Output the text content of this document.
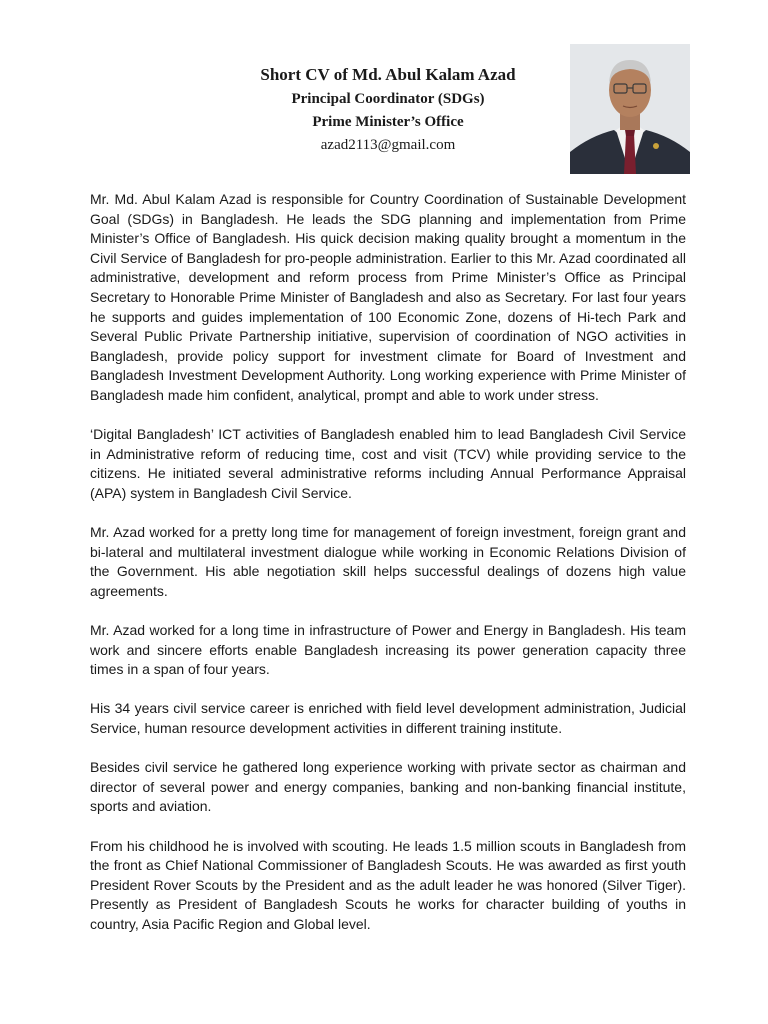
Short CV of Md. Abul Kalam Azad
Principal Coordinator (SDGs)
Prime Minister’s Office
azad2113@gmail.com

Mr. Md. Abul Kalam Azad is responsible for Country Coordination of Sustainable Development Goal (SDGs) in Bangladesh. He leads the SDG planning and implementation from Prime Minister’s Office of Bangladesh. His quick decision making quality brought a momentum in the Civil Service of Bangladesh for pro-people administration. Earlier to this Mr. Azad coordinated all administrative, development and reform process from Prime Minister’s Office as Principal Secretary to Honorable Prime Minister of Bangladesh and also as Secretary. For last four years he supports and guides implementation of 100 Economic Zone, dozens of Hi-tech Park and Several Public Private Partnership initiative, supervision of coordination of NGO activities in Bangladesh, provide policy support for investment climate for Board of Investment and Bangladesh Investment Development Authority. Long working experience with Prime Minister of Bangladesh made him confident, analytical, prompt and able to work under stress.

‘Digital Bangladesh’ ICT activities of Bangladesh enabled him to lead Bangladesh Civil Service in Administrative reform of reducing time, cost and visit (TCV) while providing service to the citizens. He initiated several administrative reforms including Annual Performance Appraisal (APA) system in Bangladesh Civil Service.

Mr. Azad worked for a pretty long time for management of foreign investment, foreign grant and bi-lateral and multilateral investment dialogue while working in Economic Relations Division of the Government. His able negotiation skill helps successful dealings of dozens high value agreements.

Mr. Azad worked for a long time in infrastructure of Power and Energy in Bangladesh. His team work and sincere efforts enable Bangladesh increasing its power generation capacity three times in a span of four years.

His 34 years civil service career is enriched with field level development administration, Judicial Service, human resource development activities in different training institute.

Besides civil service he gathered long experience working with private sector as chairman and director of several power and energy companies, banking and non-banking financial institute, sports and aviation.

From his childhood he is involved with scouting. He leads 1.5 million scouts in Bangladesh from the front as Chief National Commissioner of Bangladesh Scouts. He was awarded as first youth President Rover Scouts by the President and as the adult leader he was honored (Silver Tiger). Presently as President of Bangladesh Scouts he works for character building of youths in country, Asia Pacific Region and Global level.
